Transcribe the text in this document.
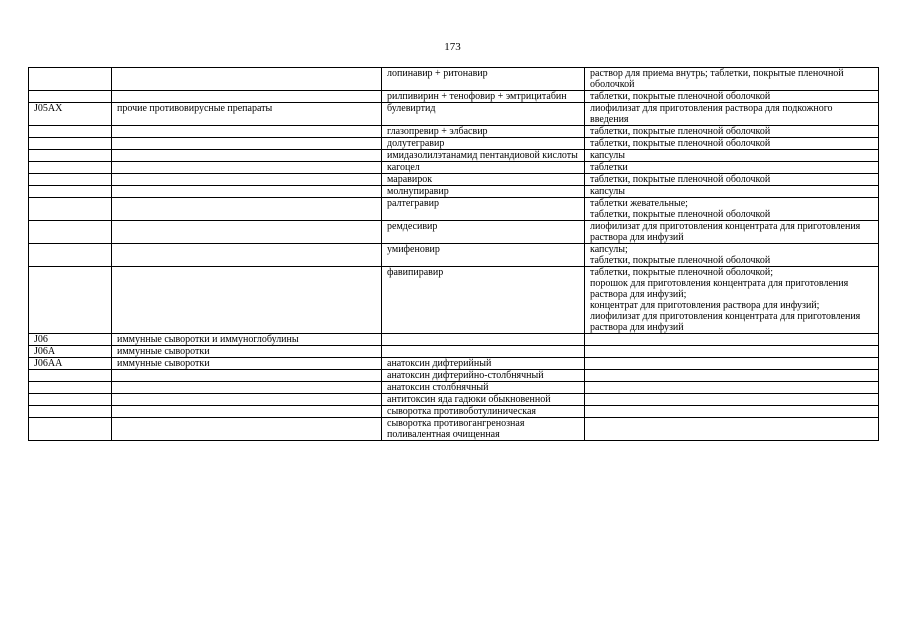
173
		лопинавир + ритонавир	раствор для приема внутрь; таблетки, покрытые пленочной оболочкой
		рилпивирин + тенофовир + эмтрицитабин	таблетки, покрытые пленочной оболочкой
J05AX	прочие противовирусные препараты	булевиртид	лиофилизат для приготовления раствора для подкожного введения
		глазопревир + элбасвир	таблетки, покрытые пленочной оболочкой
		долутегравир	таблетки, покрытые пленочной оболочкой
		имидазолилэтанамид пентандиовой кислоты	капсулы
		кагоцел	таблетки
		маравирок	таблетки, покрытые пленочной оболочкой
		молнупиравир	капсулы
		ралтегравир	таблетки жевательные;
таблетки, покрытые пленочной оболочкой
		ремдесивир	лиофилизат для приготовления концентрата для приготовления раствора для инфузий
		умифеновир	капсулы;
таблетки, покрытые пленочной оболочкой
		фавипиравир	таблетки, покрытые пленочной оболочкой;
порошок для приготовления концентрата для приготовления раствора для инфузий;
концентрат для приготовления раствора для инфузий;
лиофилизат для приготовления концентрата для приготовления раствора для инфузий
J06	иммунные сыворотки и иммуноглобулины		
J06A	иммунные сыворотки		
J06AA	иммунные сыворотки	анатоксин дифтерийный	
		анатоксин дифтерийно-столбнячный	
		анатоксин столбнячный	
		антитоксин яда гадюки обыкновенной	
		сыворотка противоботулиническая	
		сыворотка противогангренозная поливалентная очищенная	
